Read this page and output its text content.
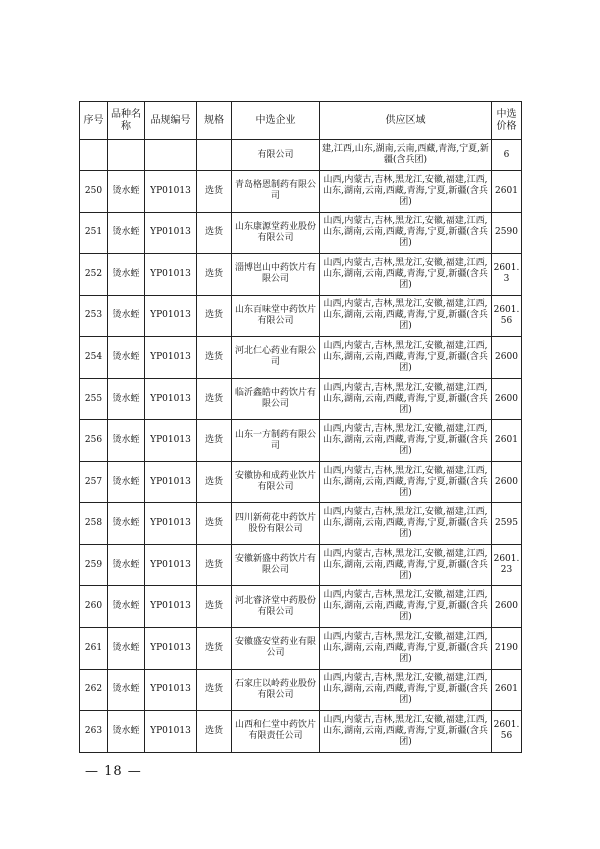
序号	品种名称	品规编号	规格	中选企业	供应区域	中选价格
				有限公司	建,江西,山东,湖南,云南,西藏,青海,宁夏,新疆(含兵团)	6
250	烫水蛭	YP01013	选货	青岛格恩制药有限公司	山西,内蒙古,吉林,黑龙江,安徽,福建,江西,山东,湖南,云南,西藏,青海,宁夏,新疆(含兵团)	2601
251	烫水蛭	YP01013	选货	山东康源堂药业股份有限公司	山西,内蒙古,吉林,黑龙江,安徽,福建,江西,山东,湖南,云南,西藏,青海,宁夏,新疆(含兵团)	2590
252	烫水蛭	YP01013	选货	淄博岜山中药饮片有限公司	山西,内蒙古,吉林,黑龙江,安徽,福建,江西,山东,湖南,云南,西藏,青海,宁夏,新疆(含兵团)	2601.3
253	烫水蛭	YP01013	选货	山东百味堂中药饮片有限公司	山西,内蒙古,吉林,黑龙江,安徽,福建,江西,山东,湖南,云南,西藏,青海,宁夏,新疆(含兵团)	2601.56
254	烫水蛭	YP01013	选货	河北仁心药业有限公司	山西,内蒙古,吉林,黑龙江,安徽,福建,江西,山东,湖南,云南,西藏,青海,宁夏,新疆(含兵团)	2600
255	烫水蛭	YP01013	选货	临沂鑫皓中药饮片有限公司	山西,内蒙古,吉林,黑龙江,安徽,福建,江西,山东,湖南,云南,西藏,青海,宁夏,新疆(含兵团)	2600
256	烫水蛭	YP01013	选货	山东一方制药有限公司	山西,内蒙古,吉林,黑龙江,安徽,福建,江西,山东,湖南,云南,西藏,青海,宁夏,新疆(含兵团)	2601
257	烫水蛭	YP01013	选货	安徽协和成药业饮片有限公司	山西,内蒙古,吉林,黑龙江,安徽,福建,江西,山东,湖南,云南,西藏,青海,宁夏,新疆(含兵团)	2600
258	烫水蛭	YP01013	选货	四川新荷花中药饮片股份有限公司	山西,内蒙古,吉林,黑龙江,安徽,福建,江西,山东,湖南,云南,西藏,青海,宁夏,新疆(含兵团)	2595
259	烫水蛭	YP01013	选货	安徽新盛中药饮片有限公司	山西,内蒙古,吉林,黑龙江,安徽,福建,江西,山东,湖南,云南,西藏,青海,宁夏,新疆(含兵团)	2601.23
260	烫水蛭	YP01013	选货	河北睿济堂中药股份有限公司	山西,内蒙古,吉林,黑龙江,安徽,福建,江西,山东,湖南,云南,西藏,青海,宁夏,新疆(含兵团)	2600
261	烫水蛭	YP01013	选货	安徽盛安堂药业有限公司	山西,内蒙古,吉林,黑龙江,安徽,福建,江西,山东,湖南,云南,西藏,青海,宁夏,新疆(含兵团)	2190
262	烫水蛭	YP01013	选货	石家庄以岭药业股份有限公司	山西,内蒙古,吉林,黑龙江,安徽,福建,江西,山东,湖南,云南,西藏,青海,宁夏,新疆(含兵团)	2601
263	烫水蛭	YP01013	选货	山西和仁堂中药饮片有限责任公司	山西,内蒙古,吉林,黑龙江,安徽,福建,江西,山东,湖南,云南,西藏,青海,宁夏,新疆(含兵团)	2601.56
— 18 —
